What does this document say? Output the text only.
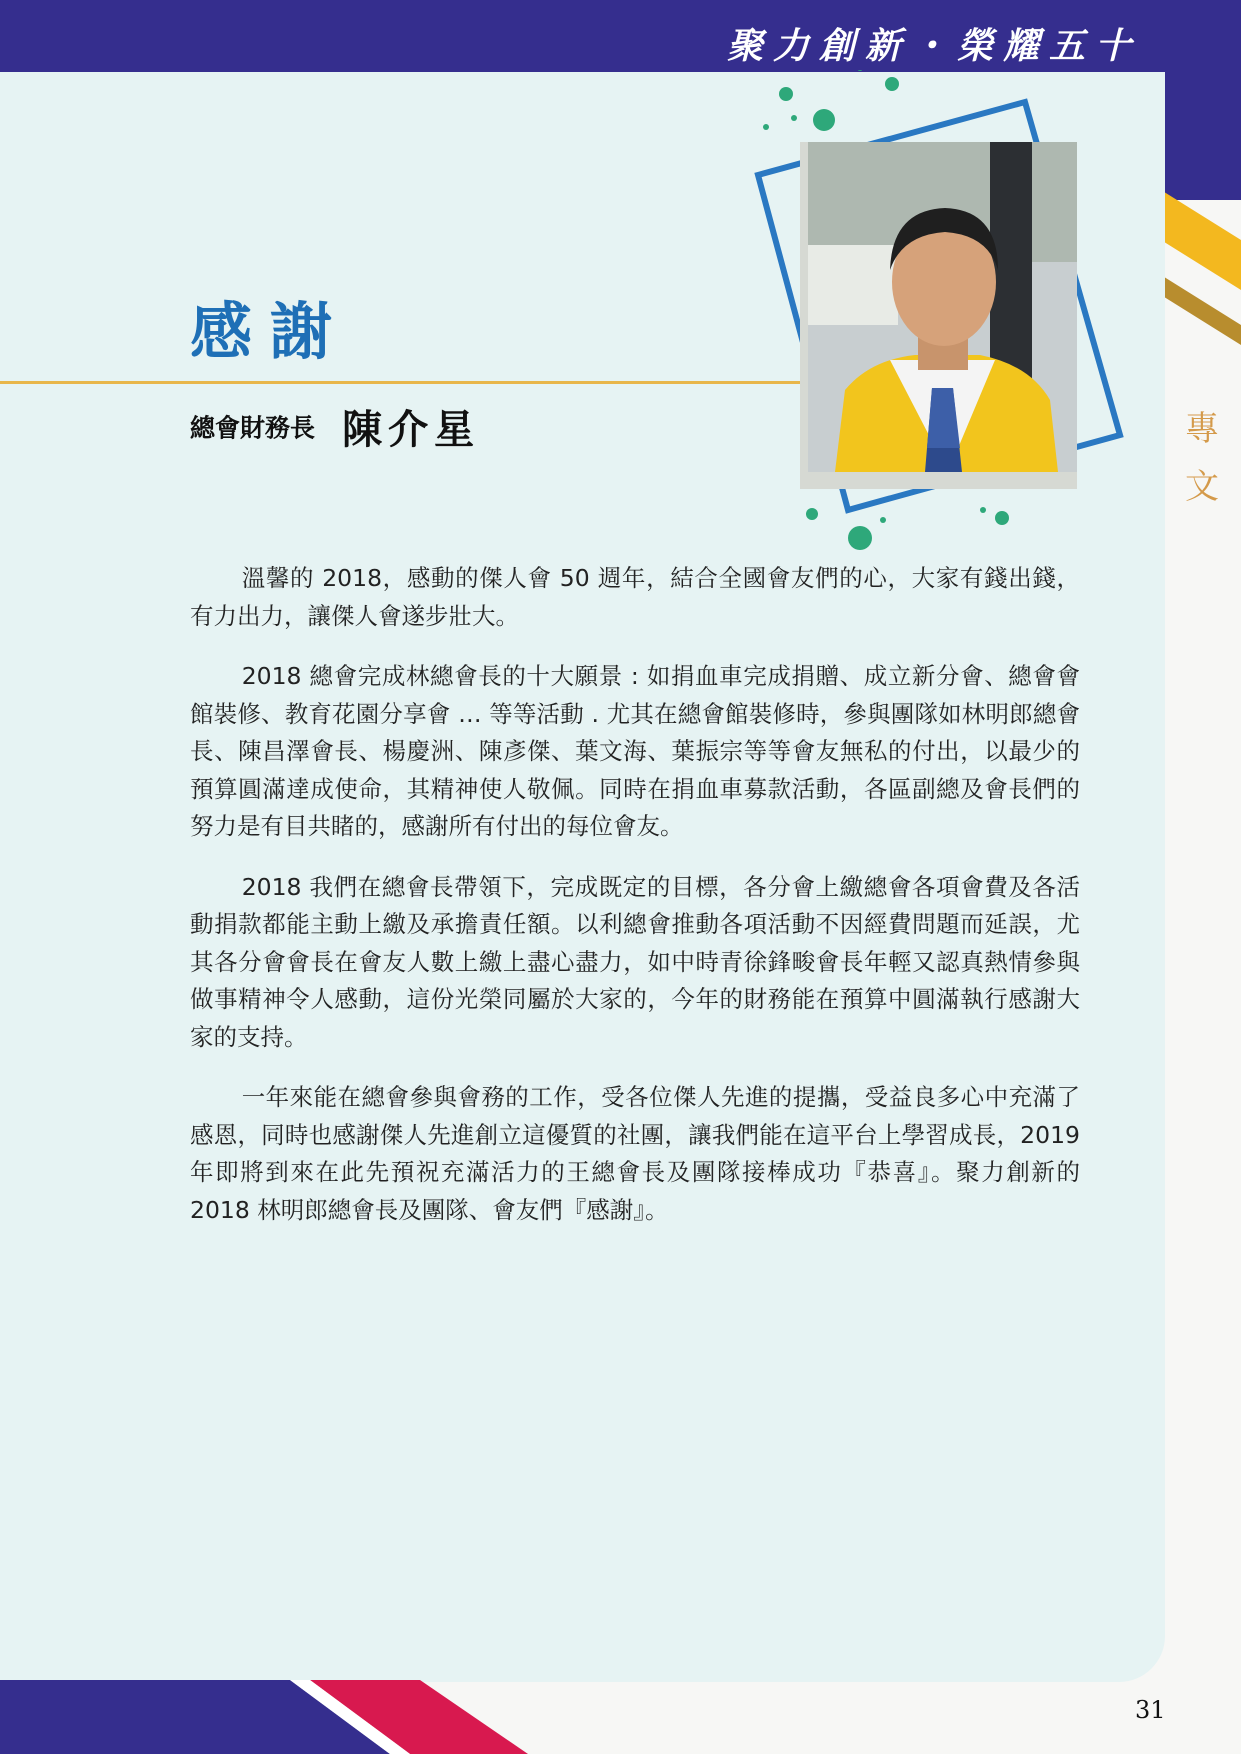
聚力創新・榮耀五十
專文
感謝
總會財務長 陳介星

溫馨的 2018，感動的傑人會 50 週年，結合全國會友們的心，大家有錢出錢，有力出力，讓傑人會遂步壯大。

2018 總會完成林總會長的十大願景 : 如捐血車完成捐贈、成立新分會、總會會館裝修、教育花園分享會 … 等等活動 . 尤其在總會館裝修時，參與團隊如林明郎總會長、陳昌澤會長、楊慶洲、陳彥傑、葉文海、葉振宗等等會友無私的付出，以最少的預算圓滿達成使命，其精神使人敬佩。同時在捐血車募款活動，各區副總及會長們的努力是有目共睹的，感謝所有付出的每位會友。

2018 我們在總會長帶領下，完成既定的目標，各分會上繳總會各項會費及各活動捐款都能主動上繳及承擔責任額。以利總會推動各項活動不因經費問題而延誤，尤其各分會會長在會友人數上繳上盡心盡力，如中時青徐鋒畯會長年輕又認真熱情參與做事精神令人感動，這份光榮同屬於大家的，今年的財務能在預算中圓滿執行感謝大家的支持。

一年來能在總會參與會務的工作，受各位傑人先進的提攜，受益良多心中充滿了感恩，同時也感謝傑人先進創立這優質的社團，讓我們能在這平台上學習成長，2019 年即將到來在此先預祝充滿活力的王總會長及團隊接棒成功『恭喜』。聚力創新的 2018 林明郎總會長及團隊、會友們『感謝』。

31
